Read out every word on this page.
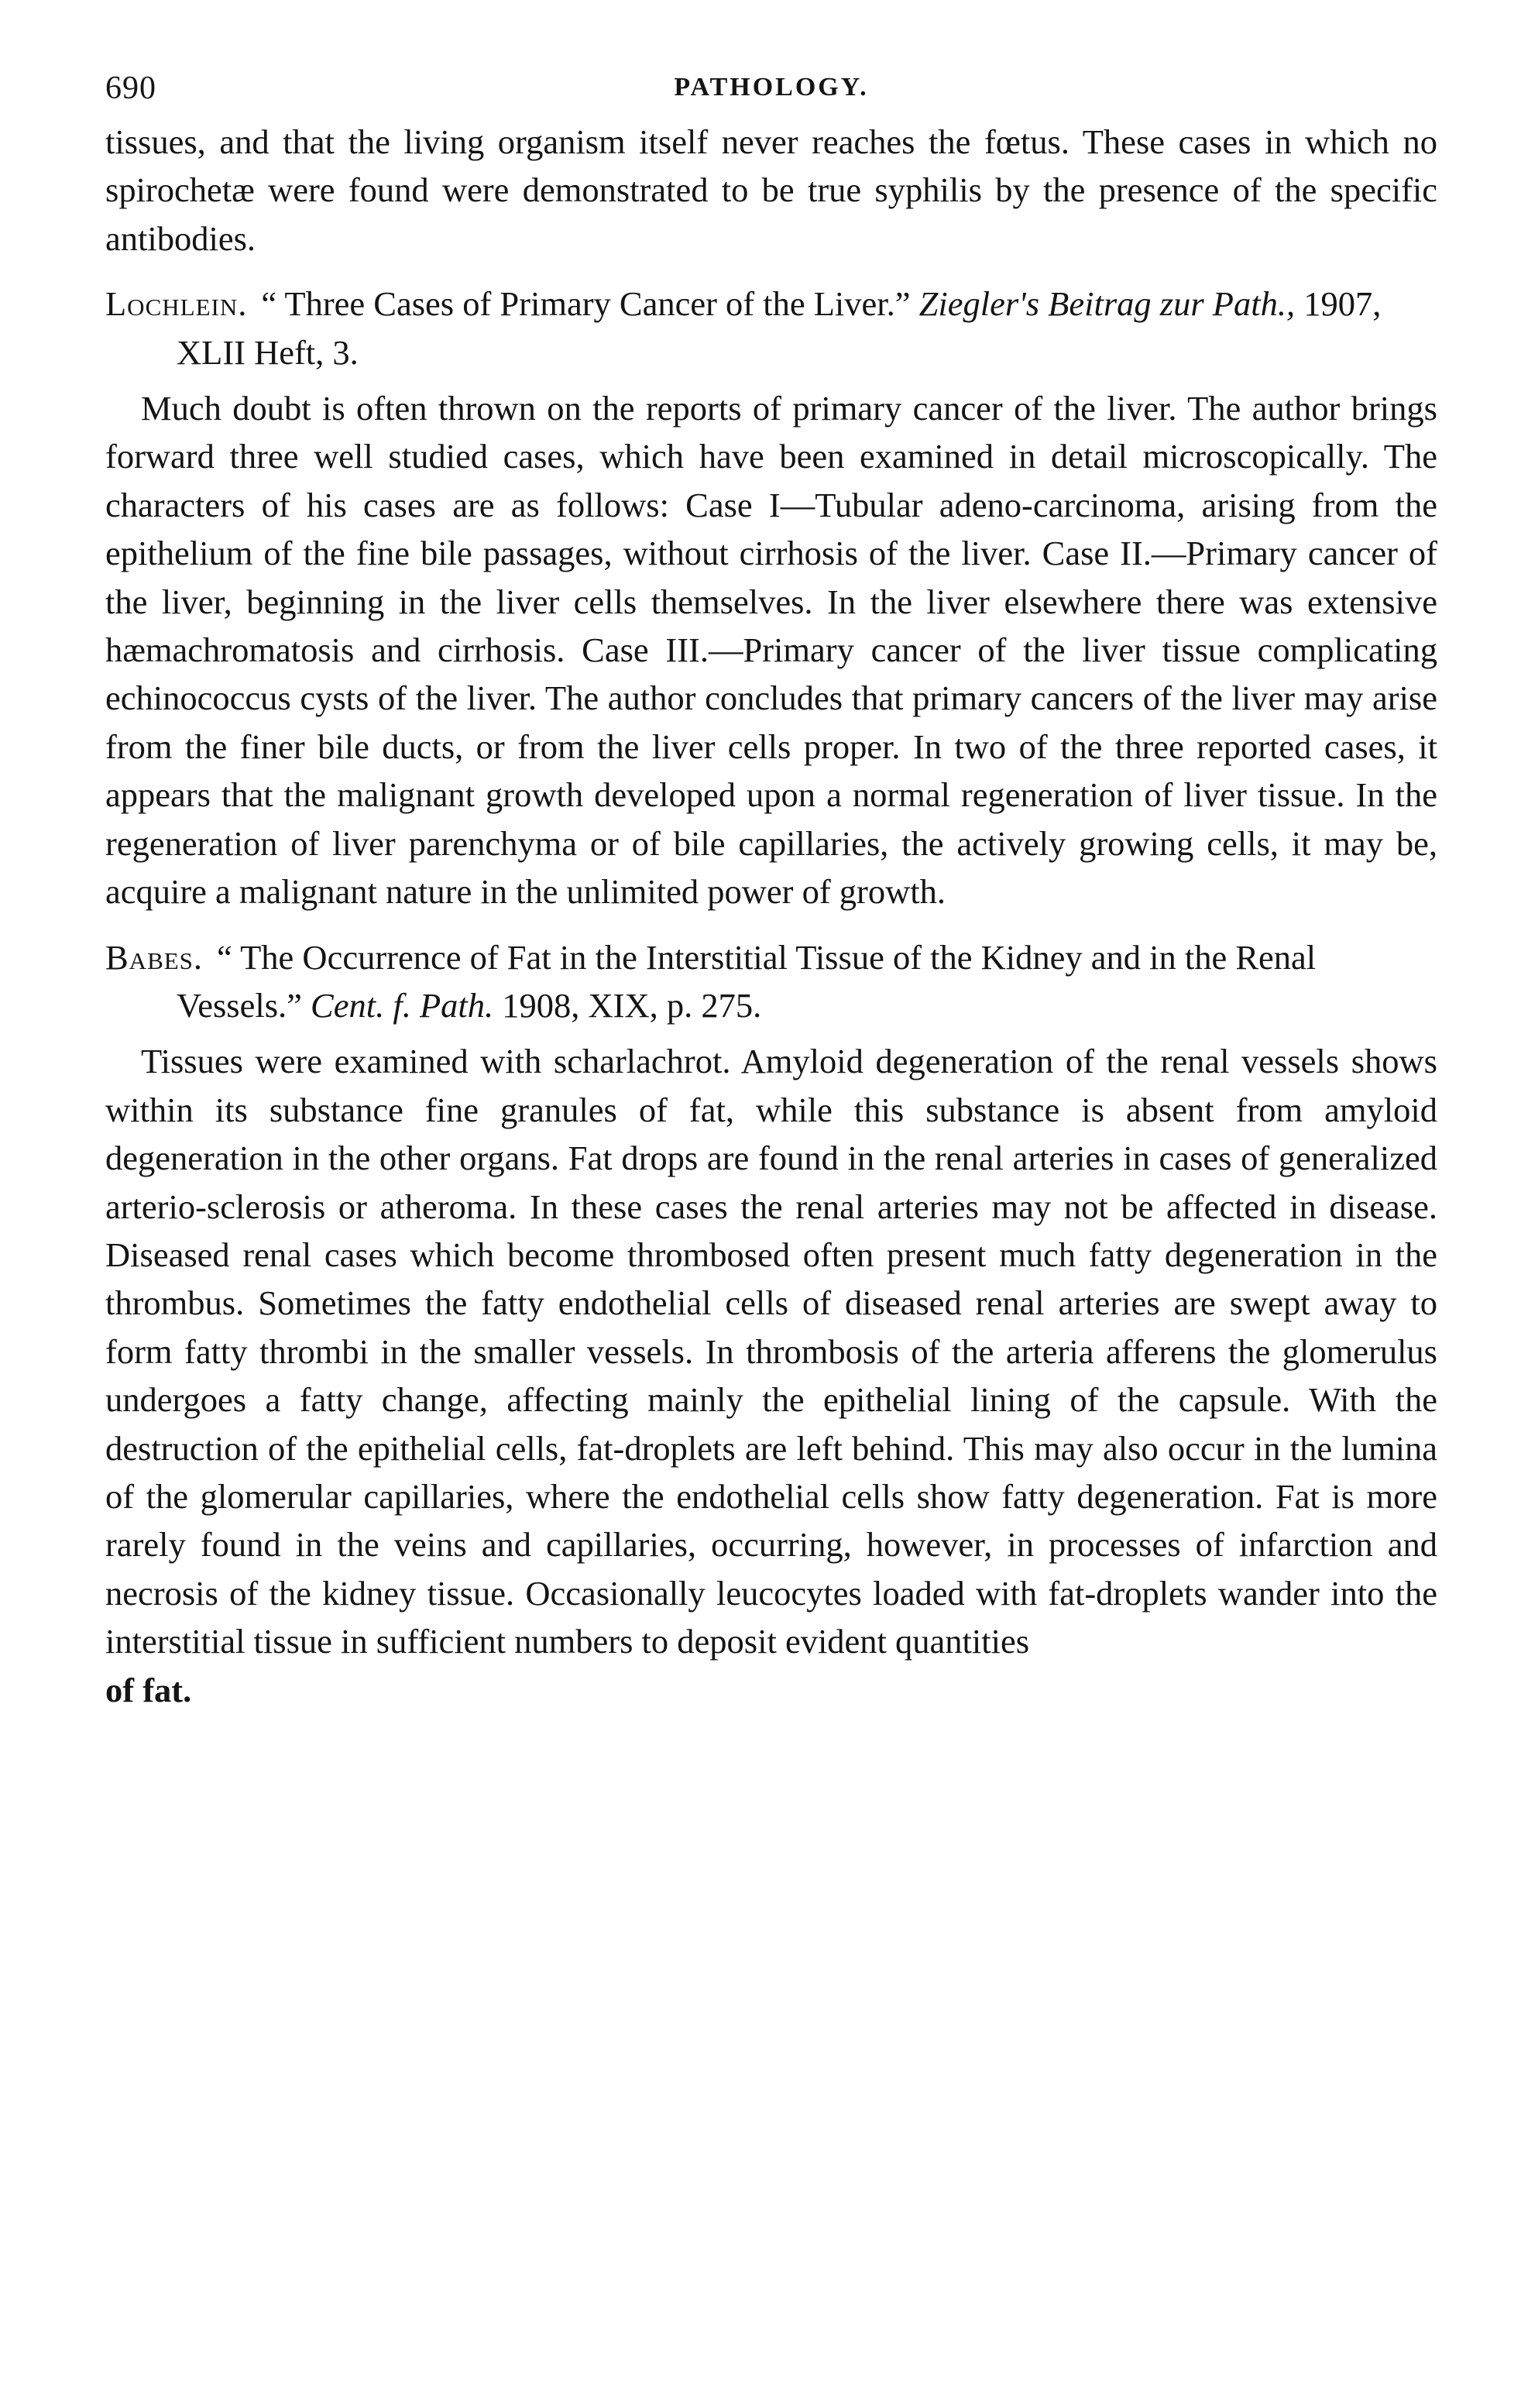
690	PATHOLOGY.

tissues, and that the living organism itself never reaches the fœtus. These cases in which no spirochetæ were found were demonstrated to be true syphilis by the presence of the specific antibodies.

Lochlein. “ Three Cases of Primary Cancer of the Liver.” Ziegler's Beitrag zur Path., 1907, XLII Heft, 3.

Much doubt is often thrown on the reports of primary cancer of the liver. The author brings forward three well studied cases, which have been examined in detail microscopically. The characters of his cases are as follows: Case I—Tubular adeno-carcinoma, arising from the epithelium of the fine bile passages, without cirrhosis of the liver. Case II.—Primary cancer of the liver, beginning in the liver cells themselves. In the liver elsewhere there was extensive hæmachromatosis and cirrhosis. Case III.—Primary cancer of the liver tissue complicating echinococcus cysts of the liver. The author concludes that primary cancers of the liver may arise from the finer bile ducts, or from the liver cells proper. In two of the three reported cases, it appears that the malignant growth developed upon a normal regeneration of liver tissue. In the regeneration of liver parenchyma or of bile capillaries, the actively growing cells, it may be, acquire a malignant nature in the unlimited power of growth.

Babes. “ The Occurrence of Fat in the Interstitial Tissue of the Kidney and in the Renal Vessels.” Cent. f. Path. 1908, XIX, p. 275.

Tissues were examined with scharlachrot. Amyloid degeneration of the renal vessels shows within its substance fine granules of fat, while this substance is absent from amyloid degeneration in the other organs. Fat drops are found in the renal arteries in cases of generalized arterio-sclerosis or atheroma. In these cases the renal arteries may not be affected in disease. Diseased renal cases which become thrombosed often present much fatty degeneration in the thrombus. Sometimes the fatty endothelial cells of diseased renal arteries are swept away to form fatty thrombi in the smaller vessels. In thrombosis of the arteria afferens the glomerulus undergoes a fatty change, affecting mainly the epithelial lining of the capsule. With the destruction of the epithelial cells, fat-droplets are left behind. This may also occur in the lumina of the glomerular capillaries, where the endothelial cells show fatty degeneration. Fat is more rarely found in the veins and capillaries, occurring, however, in processes of infarction and necrosis of the kidney tissue. Occasionally leucocytes loaded with fat-droplets wander into the interstitial tissue in sufficient numbers to deposit evident quantities

of fat.
